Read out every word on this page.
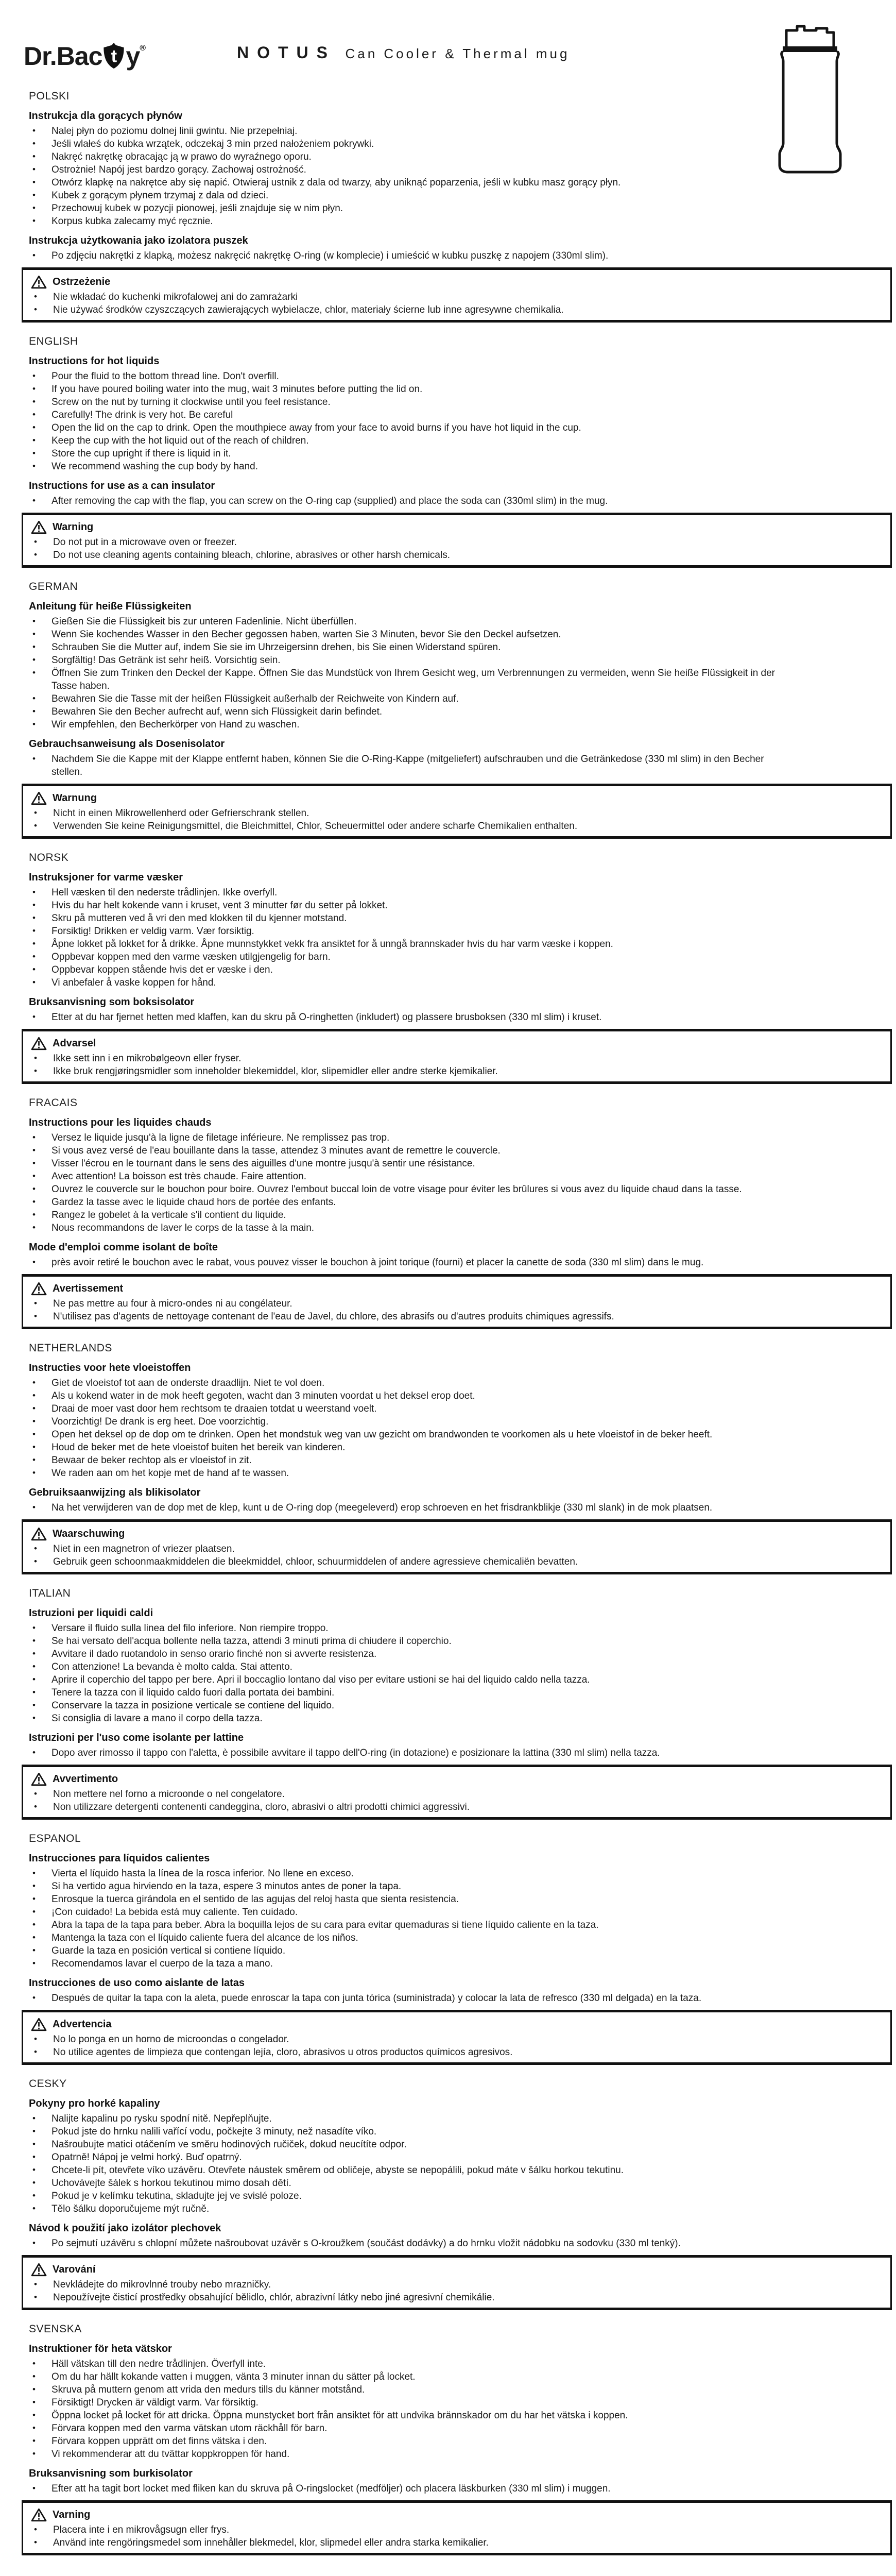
Dr.Bac t y®	NOTUS Can Cooler & Thermal mug
POLSKI
Instrukcja dla gorących płynów
• Nalej płyn do poziomu dolnej linii gwintu. Nie przepełniaj.
• Jeśli wlałeś do kubka wrzątek, odczekaj 3 min przed nałożeniem pokrywki.
• Nakręć nakrętkę obracając ją w prawo do wyraźnego oporu.
• Ostrożnie! Napój jest bardzo gorący. Zachowaj ostrożność.
• Otwórz klapkę na nakrętce aby się napić. Otwieraj ustnik z dala od twarzy, aby uniknąć poparzenia, jeśli w kubku masz gorący płyn.
• Kubek z gorącym płynem trzymaj z dala od dzieci.
• Przechowuj kubek w pozycji pionowej, jeśli znajduje się w nim płyn.
• Korpus kubka zalecamy myć ręcznie.
Instrukcja użytkowania jako izolatora puszek
• Po zdjęciu nakrętki z klapką, możesz nakręcić nakrętkę O-ring (w komplecie) i umieścić w kubku puszkę z napojem (330ml slim).
Ostrzeżenie
• Nie wkładać do kuchenki mikrofalowej ani do zamrażarki
• Nie używać środków czyszczących zawierających wybielacze, chlor, materiały ścierne lub inne agresywne chemikalia.
ENGLISH
Instructions for hot liquids
• Pour the fluid to the bottom thread line. Don't overfill.
• If you have poured boiling water into the mug, wait 3 minutes before putting the lid on.
• Screw on the nut by turning it clockwise until you feel resistance.
• Carefully! The drink is very hot. Be careful
• Open the lid on the cap to drink. Open the mouthpiece away from your face to avoid burns if you have hot liquid in the cup.
• Keep the cup with the hot liquid out of the reach of children.
• Store the cup upright if there is liquid in it.
• We recommend washing the cup body by hand.
Instructions for use as a can insulator
• After removing the cap with the flap, you can screw on the O-ring cap (supplied) and place the soda can (330ml slim) in the mug.
Warning
• Do not put in a microwave oven or freezer.
• Do not use cleaning agents containing bleach, chlorine, abrasives or other harsh chemicals.
GERMAN
Anleitung für heiße Flüssigkeiten
• Gießen Sie die Flüssigkeit bis zur unteren Fadenlinie. Nicht überfüllen.
• Wenn Sie kochendes Wasser in den Becher gegossen haben, warten Sie 3 Minuten, bevor Sie den Deckel aufsetzen.
• Schrauben Sie die Mutter auf, indem Sie sie im Uhrzeigersinn drehen, bis Sie einen Widerstand spüren.
• Sorgfältig! Das Getränk ist sehr heiß. Vorsichtig sein.
• Öffnen Sie zum Trinken den Deckel der Kappe. Öffnen Sie das Mundstück von Ihrem Gesicht weg, um Verbrennungen zu vermeiden, wenn Sie heiße Flüssigkeit in der Tasse haben.
• Bewahren Sie die Tasse mit der heißen Flüssigkeit außerhalb der Reichweite von Kindern auf.
• Bewahren Sie den Becher aufrecht auf, wenn sich Flüssigkeit darin befindet.
• Wir empfehlen, den Becherkörper von Hand zu waschen.
Gebrauchsanweisung als Dosenisolator
• Nachdem Sie die Kappe mit der Klappe entfernt haben, können Sie die O-Ring-Kappe (mitgeliefert) aufschrauben und die Getränkedose (330 ml slim) in den Becher stellen.
Warnung
• Nicht in einen Mikrowellenherd oder Gefrierschrank stellen.
• Verwenden Sie keine Reinigungsmittel, die Bleichmittel, Chlor, Scheuermittel oder andere scharfe Chemikalien enthalten.
NORSK
Instruksjoner for varme væsker
• Hell væsken til den nederste trådlinjen. Ikke overfyll.
• Hvis du har helt kokende vann i kruset, vent 3 minutter før du setter på lokket.
• Skru på mutteren ved å vri den med klokken til du kjenner motstand.
• Forsiktig! Drikken er veldig varm. Vær forsiktig.
• Åpne lokket på lokket for å drikke. Åpne munnstykket vekk fra ansiktet for å unngå brannskader hvis du har varm væske i koppen.
• Oppbevar koppen med den varme væsken utilgjengelig for barn.
• Oppbevar koppen stående hvis det er væske i den.
• Vi anbefaler å vaske koppen for hånd.
Bruksanvisning som boksisolator
• Etter at du har fjernet hetten med klaffen, kan du skru på O-ringhetten (inkludert) og plassere brusboksen (330 ml slim) i kruset.
Advarsel
• Ikke sett inn i en mikrobølgeovn eller fryser.
• Ikke bruk rengjøringsmidler som inneholder blekemiddel, klor, slipemidler eller andre sterke kjemikalier.
FRACAIS
Instructions pour les liquides chauds
• Versez le liquide jusqu'à la ligne de filetage inférieure. Ne remplissez pas trop.
• Si vous avez versé de l'eau bouillante dans la tasse, attendez 3 minutes avant de remettre le couvercle.
• Visser l'écrou en le tournant dans le sens des aiguilles d'une montre jusqu'à sentir une résistance.
• Avec attention! La boisson est très chaude. Faire attention.
• Ouvrez le couvercle sur le bouchon pour boire. Ouvrez l'embout buccal loin de votre visage pour éviter les brûlures si vous avez du liquide chaud dans la tasse.
• Gardez la tasse avec le liquide chaud hors de portée des enfants.
• Rangez le gobelet à la verticale s'il contient du liquide.
• Nous recommandons de laver le corps de la tasse à la main.
Mode d'emploi comme isolant de boîte
• près avoir retiré le bouchon avec le rabat, vous pouvez visser le bouchon à joint torique (fourni) et placer la canette de soda (330 ml slim) dans le mug.
Avertissement
• Ne pas mettre au four à micro-ondes ni au congélateur.
• N'utilisez pas d'agents de nettoyage contenant de l'eau de Javel, du chlore, des abrasifs ou d'autres produits chimiques agressifs.
NETHERLANDS
Instructies voor hete vloeistoffen
• Giet de vloeistof tot aan de onderste draadlijn. Niet te vol doen.
• Als u kokend water in de mok heeft gegoten, wacht dan 3 minuten voordat u het deksel erop doet.
• Draai de moer vast door hem rechtsom te draaien totdat u weerstand voelt.
• Voorzichtig! De drank is erg heet. Doe voorzichtig.
• Open het deksel op de dop om te drinken. Open het mondstuk weg van uw gezicht om brandwonden te voorkomen als u hete vloeistof in de beker heeft.
• Houd de beker met de hete vloeistof buiten het bereik van kinderen.
• Bewaar de beker rechtop als er vloeistof in zit.
• We raden aan om het kopje met de hand af te wassen.
Gebruiksaanwijzing als blikisolator
• Na het verwijderen van de dop met de klep, kunt u de O-ring dop (meegeleverd) erop schroeven en het frisdrankblikje (330 ml slank) in de mok plaatsen.
Waarschuwing
• Niet in een magnetron of vriezer plaatsen.
• Gebruik geen schoonmaakmiddelen die bleekmiddel, chloor, schuurmiddelen of andere agressieve chemicaliën bevatten.
ITALIAN
Istruzioni per liquidi caldi
• Versare il fluido sulla linea del filo inferiore. Non riempire troppo.
• Se hai versato dell'acqua bollente nella tazza, attendi 3 minuti prima di chiudere il coperchio.
• Avvitare il dado ruotandolo in senso orario finché non si avverte resistenza.
• Con attenzione! La bevanda è molto calda. Stai attento.
• Aprire il coperchio del tappo per bere. Apri il boccaglio lontano dal viso per evitare ustioni se hai del liquido caldo nella tazza.
• Tenere la tazza con il liquido caldo fuori dalla portata dei bambini.
• Conservare la tazza in posizione verticale se contiene del liquido.
• Si consiglia di lavare a mano il corpo della tazza.
Istruzioni per l'uso come isolante per lattine
• Dopo aver rimosso il tappo con l'aletta, è possibile avvitare il tappo dell'O-ring (in dotazione) e posizionare la lattina (330 ml slim) nella tazza.
Avvertimento
• Non mettere nel forno a microonde o nel congelatore.
• Non utilizzare detergenti contenenti candeggina, cloro, abrasivi o altri prodotti chimici aggressivi.
ESPANOL
Instrucciones para líquidos calientes
• Vierta el líquido hasta la línea de la rosca inferior. No llene en exceso.
• Si ha vertido agua hirviendo en la taza, espere 3 minutos antes de poner la tapa.
• Enrosque la tuerca girándola en el sentido de las agujas del reloj hasta que sienta resistencia.
• ¡Con cuidado! La bebida está muy caliente. Ten cuidado.
• Abra la tapa de la tapa para beber. Abra la boquilla lejos de su cara para evitar quemaduras si tiene líquido caliente en la taza.
• Mantenga la taza con el líquido caliente fuera del alcance de los niños.
• Guarde la taza en posición vertical si contiene líquido.
• Recomendamos lavar el cuerpo de la taza a mano.
Instrucciones de uso como aislante de latas
• Después de quitar la tapa con la aleta, puede enroscar la tapa con junta tórica (suministrada) y colocar la lata de refresco (330 ml delgada) en la taza.
Advertencia
• No lo ponga en un horno de microondas o congelador.
• No utilice agentes de limpieza que contengan lejía, cloro, abrasivos u otros productos químicos agresivos.
CESKY
Pokyny pro horké kapaliny
• Nalijte kapalinu po rysku spodní nitě. Nepřeplňujte.
• Pokud jste do hrnku nalili vařící vodu, počkejte 3 minuty, než nasadíte víko.
• Našroubujte matici otáčením ve směru hodinových ručiček, dokud neucítíte odpor.
• Opatrně! Nápoj je velmi horký. Buď opatrný.
• Chcete-li pít, otevřete víko uzávěru. Otevřete náustek směrem od obličeje, abyste se nepopálili, pokud máte v šálku horkou tekutinu.
• Uchovávejte šálek s horkou tekutinou mimo dosah dětí.
• Pokud je v kelímku tekutina, skladujte jej ve svislé poloze.
• Tělo šálku doporučujeme mýt ručně.
Návod k použití jako izolátor plechovek
• Po sejmutí uzávěru s chlopní můžete našroubovat uzávěr s O-kroužkem (součást dodávky) a do hrnku vložit nádobku na sodovku (330 ml tenký).
Varování
• Nevkládejte do mikrovlnné trouby nebo mrazničky.
• Nepoužívejte čisticí prostředky obsahující bělidlo, chlór, abrazivní látky nebo jiné agresivní chemikálie.
SVENSKA
Instruktioner för heta vätskor
• Häll vätskan till den nedre trådlinjen. Överfyll inte.
• Om du har hällt kokande vatten i muggen, vänta 3 minuter innan du sätter på locket.
• Skruva på muttern genom att vrida den medurs tills du känner motstånd.
• Försiktigt! Drycken är väldigt varm. Var försiktig.
• Öppna locket på locket för att dricka. Öppna munstycket bort från ansiktet för att undvika brännskador om du har het vätska i koppen.
• Förvara koppen med den varma vätskan utom räckhåll för barn.
• Förvara koppen upprätt om det finns vätska i den.
• Vi rekommenderar att du tvättar koppkroppen för hand.
Bruksanvisning som burkisolator
• Efter att ha tagit bort locket med fliken kan du skruva på O-ringslocket (medföljer) och placera läskburken (330 ml slim) i muggen.
Varning
• Placera inte i en mikrovågsugn eller frys.
• Använd inte rengöringsmedel som innehåller blekmedel, klor, slipmedel eller andra starka kemikalier.
